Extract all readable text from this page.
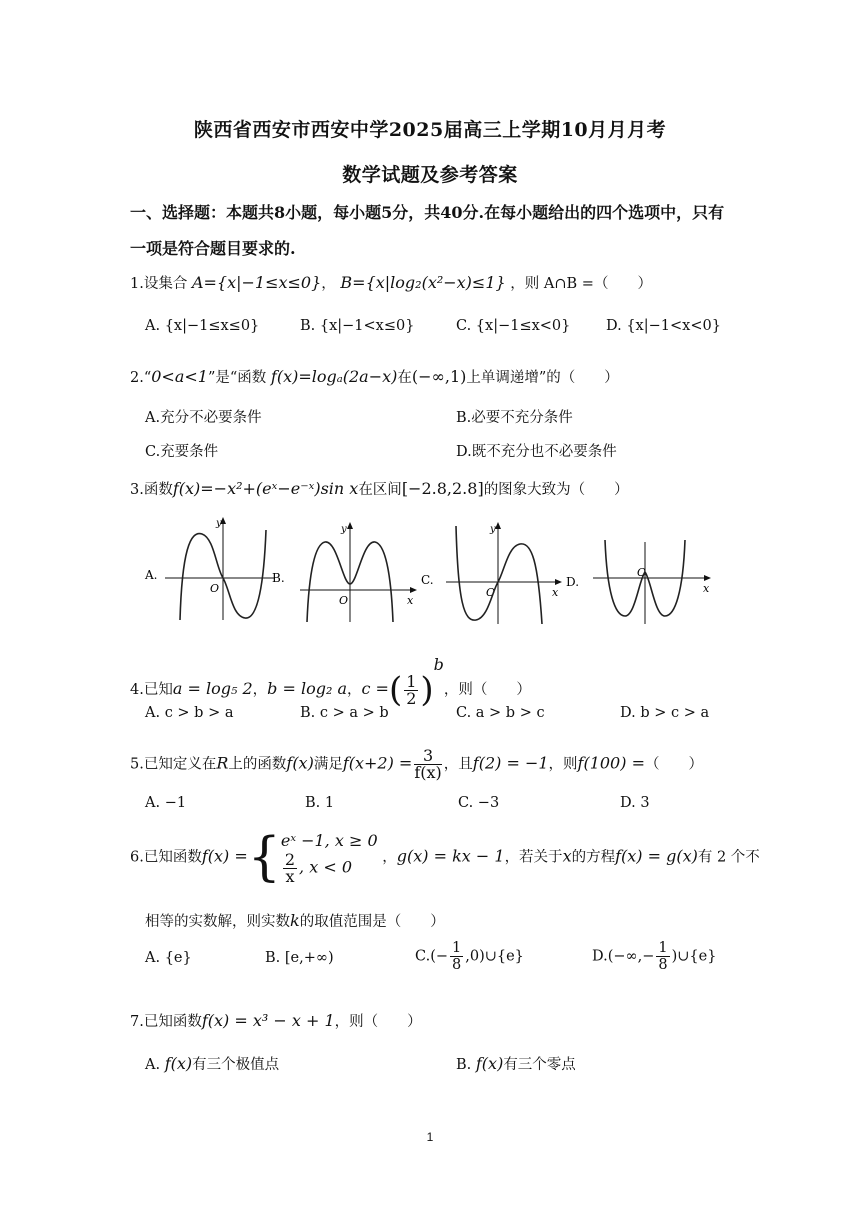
陕西省西安市西安中学2025届高三上学期10月月月考
数学试题及参考答案
一、选择题：本题共8小题，每小题5分，共40分.在每小题给出的四个选项中，只有一项是符合题目要求的.
1.设集合 A={x|−1≤x≤0}， B={x|log₂(x²−x)≤1} ，则 A∩B =（　　）
A. {x|−1≤x≤0}	B. {x|−1<x≤0}	C. {x|−1≤x<0} D. {x|−1<x<0}
2.“0<a<1”是“函数 f(x)=logₐ(2a−x)在(−∞,1)上单调递增”的（　　）
A.充分不必要条件	B.必要不充分条件
C.充要条件	D.既不充分也不必要条件
3.函数f(x)=−x²+(eˣ−e⁻ˣ)sin x在区间[−2.8,2.8]的图象大致为（　　）
A.
y
O
B.
y
O	x
C.
y
O	x
D.
O
x
4.已知a = log₅ 2，b = log₂ a，c =( $\frac{1}{2} )^b$，则（　　）
A. c > b > a	B. c > a > b	C. a > b > c	D. b > c > a
5.已知定义在R上的函数f(x)满足$f(x+2) = \frac{3}{f(x)}$ ，且f(2) = −1，则f(100) =（　　）
A. −1	B. 1	C. −3	D. 3
6.已知函数f(x) ={ eˣ −1, x ≥ 0
$\frac{2}{x}$ , x < 0	，g(x) = kx − 1，若关于x的方程f(x) = g(x)有 2 个不
相等的实数解，则实数k的取值范围是（　　）
A. {e}	B. [e,+∞)	$C.(- \frac{1}{8}$ ,0)∪{e}	$D.(-\infty,- \frac{1}{8}$ )∪{e}
7.已知函数f(x) = x³ − x + 1，则（　　）
A. f(x)有三个极值点	B. f(x)有三个零点
1
